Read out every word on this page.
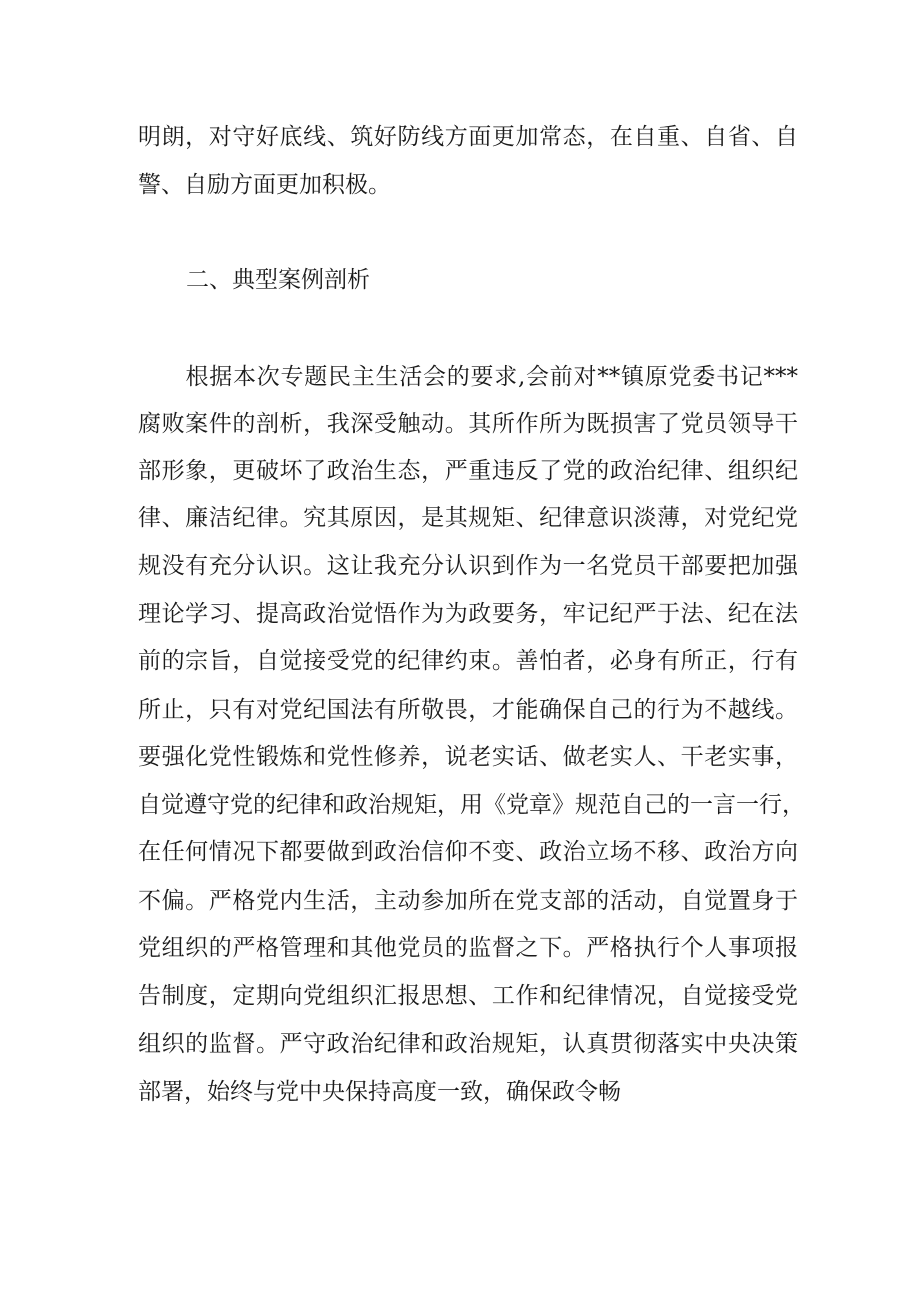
明朗，对守好底线、筑好防线方面更加常态，在自重、自省、自
警、自励方面更加积极。
二、典型案例剖析
　　根据本次专题民主生活会的要求,会前对**镇原党委书记***
腐败案件的剖析，我深受触动。其所作所为既损害了党员领导干
部形象，更破坏了政治生态，严重违反了党的政治纪律、组织纪
律、廉洁纪律。究其原因，是其规矩、纪律意识淡薄，对党纪党
规没有充分认识。这让我充分认识到作为一名党员干部要把加强
理论学习、提高政治觉悟作为为政要务，牢记纪严于法、纪在法
前的宗旨，自觉接受党的纪律约束。善怕者，必身有所正，行有
所止，只有对党纪国法有所敬畏，才能确保自己的行为不越线。
要强化党性锻炼和党性修养，说老实话、做老实人、干老实事，
自觉遵守党的纪律和政治规矩，用《党章》规范自己的一言一行，
在任何情况下都要做到政治信仰不变、政治立场不移、政治方向
不偏。严格党内生活，主动参加所在党支部的活动，自觉置身于
党组织的严格管理和其他党员的监督之下。严格执行个人事项报
告制度，定期向党组织汇报思想、工作和纪律情况，自觉接受党
组织的监督。严守政治纪律和政治规矩，认真贯彻落实中央决策
部署，始终与党中央保持高度一致，确保政令畅
